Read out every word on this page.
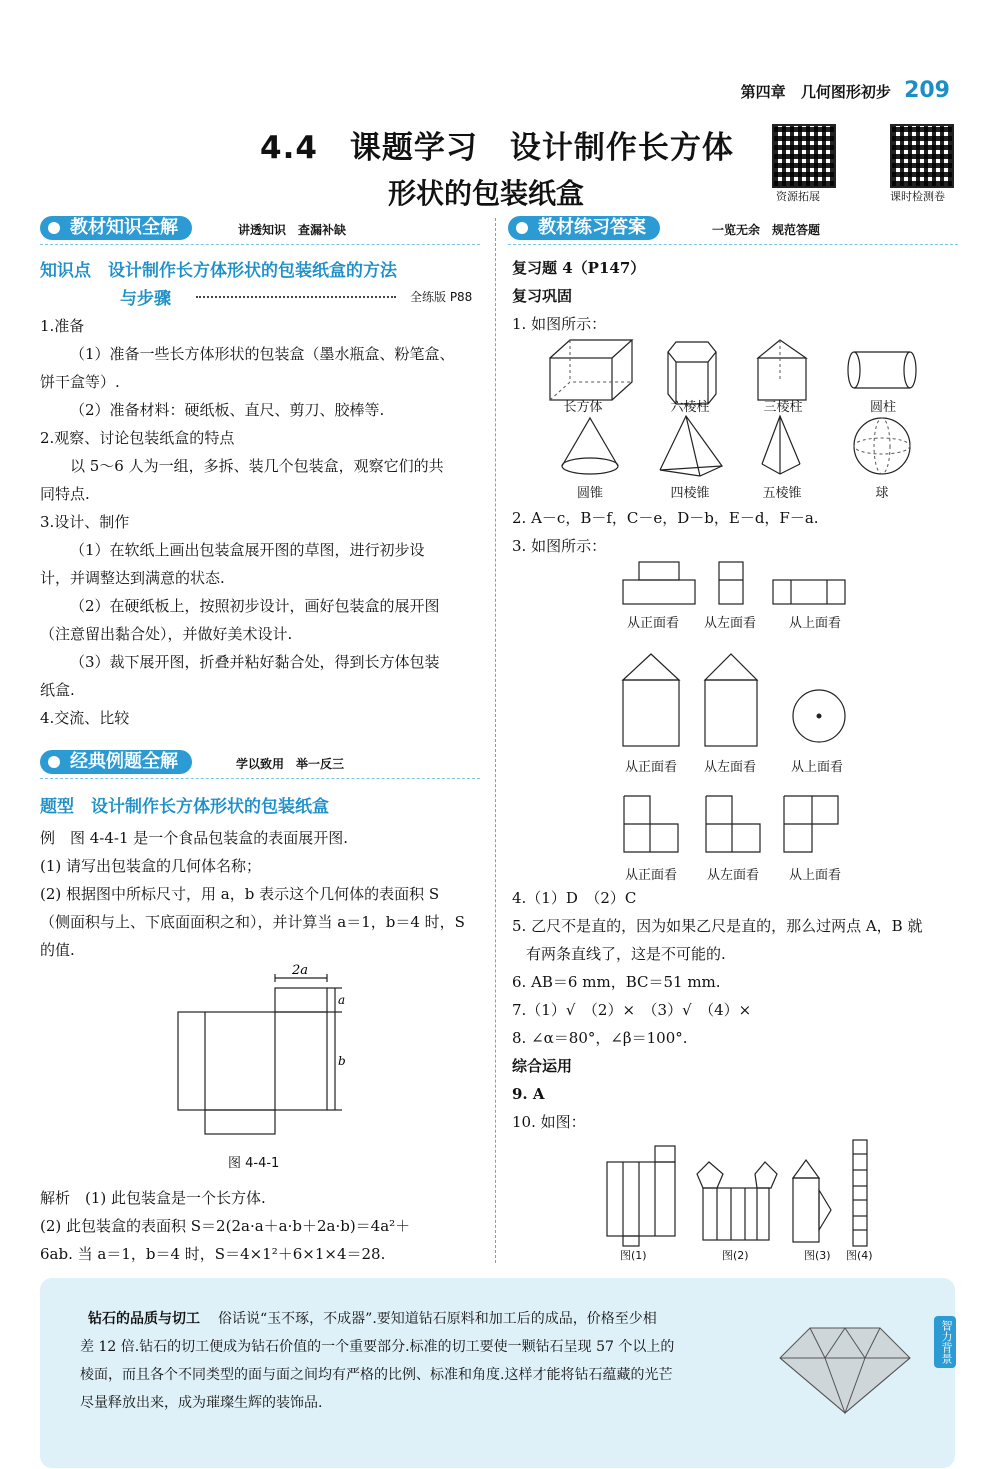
第四章 几何图形初步 209
4.4　课题学习　设计制作长方体
形状的包装纸盒	资源拓展	课时检测卷
教材知识全解	讲透知识　查漏补缺
知识点　设计制作长方体形状的包装纸盒的方法
与步骤	全练版 P88
1.准备
（1）准备一些长方体形状的包装盒（墨水瓶盒、粉笔盒、
饼干盒等）.
（2）准备材料：硬纸板、直尺、剪刀、胶棒等.
2.观察、讨论包装纸盒的特点
以 5～6 人为一组，多拆、装几个包装盒，观察它们的共
同特点.
3.设计、制作
（1）在软纸上画出包装盒展开图的草图，进行初步设
计，并调整达到满意的状态.
（2）在硬纸板上，按照初步设计，画好包装盒的展开图
（注意留出黏合处），并做好美术设计.
（3）裁下展开图，折叠并粘好黏合处，得到长方体包装
纸盒.
4.交流、比较
经典例题全解	学以致用　举一反三
题型　设计制作长方体形状的包装纸盒
例　图 4-4-1 是一个食品包装盒的表面展开图.
(1) 请写出包装盒的几何体名称；
(2) 根据图中所标尺寸，用 a，b 表示这个几何体的表面积 S
（侧面积与上、下底面面积之和），并计算当 a＝1，b＝4 时，S
的值.
2a
a
b
图 4-4-1
解析　(1) 此包装盒是一个长方体.
(2) 此包装盒的表面积 S＝2(2a·a＋a·b＋2a·b)＝4a²＋
6ab. 当 a＝1，b＝4 时，S＝4×1²＋6×1×4＝28.
教材练习答案	一览无余　规范答题
复习题 4（P147）
复习巩固
1. 如图所示：
长方体	六棱柱	三棱柱	圆柱
圆锥	四棱锥	五棱锥	球
2. A－c，B－f，C－e，D－b，E－d，F－a.
3. 如图所示：
从正面看	从左面看	从上面看
从正面看	从左面看	从上面看
从正面看	从左面看	从上面看
4.（1）D　（2）C
5. 乙尺不是直的，因为如果乙尺是直的，那么过两点 A，B 就
有两条直线了，这是不可能的.
6. AB＝6 mm，BC＝51 mm.
7.（1）√　（2）×　（3）√　（4）×
8. ∠α＝80°，∠β＝100°.
综合运用
9. A
10. 如图：
图(1)	图(2)	图(3) 图(4)
钻石的品质与切工 俗话说“玉不琢，不成器”.要知道钻石原料和加工后的成品，价格至少相
差 12 倍.钻石的切工便成为钻石价值的一个重要部分.标准的切工要使一颗钻石呈现 57 个以上的
棱面，而且各个不同类型的面与面之间均有严格的比例、标准和角度.这样才能将钻石蕴藏的光芒
尽量释放出来，成为璀璨生辉的装饰品.
智力背景
